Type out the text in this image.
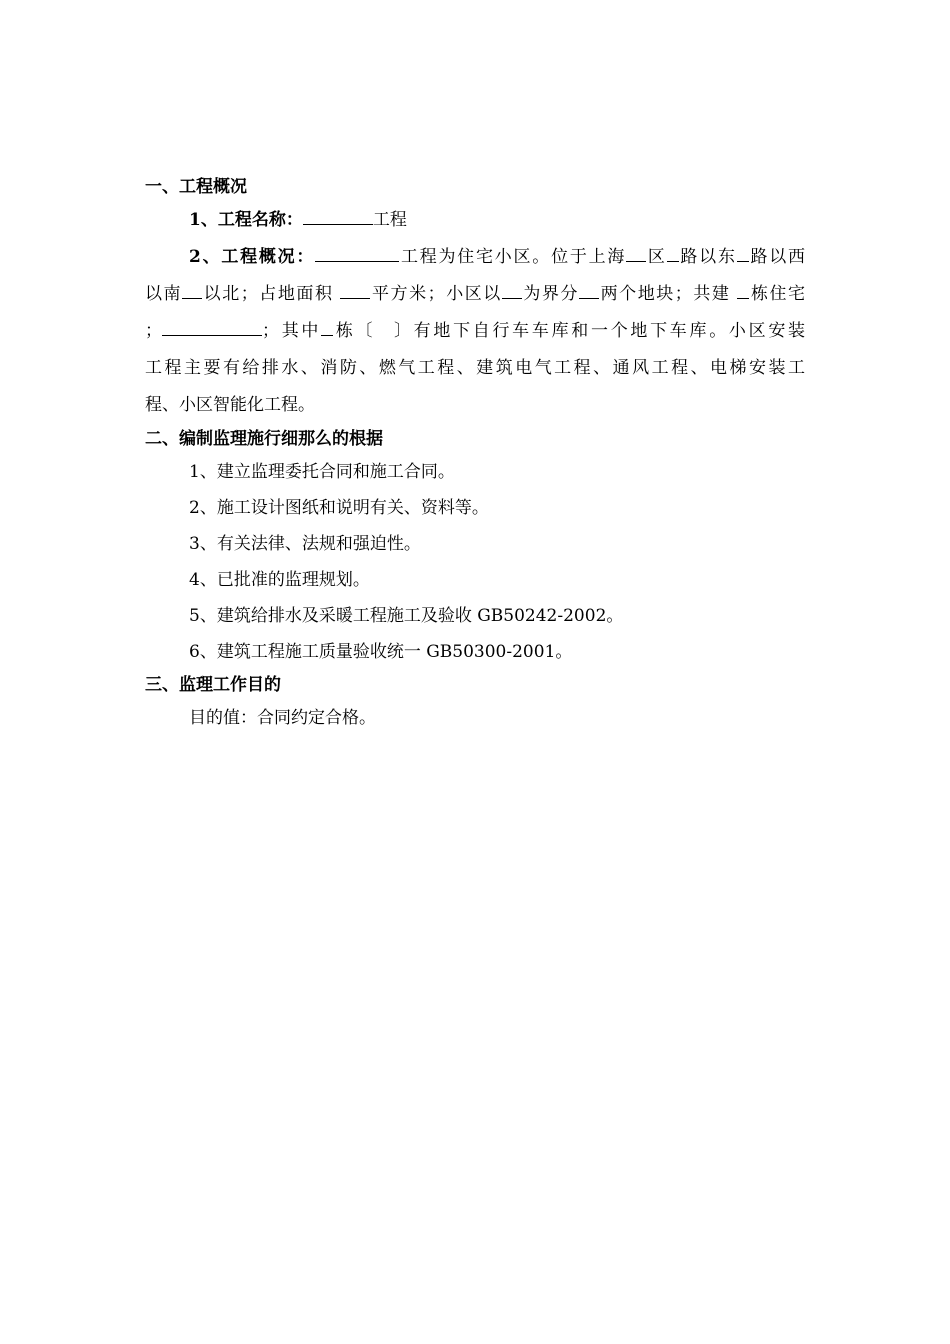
一、工程概况
1、工程名称：	工程
2、工程概况：	工程为住宅小区。位于上海 区 路以东 路以西
以南 以北；占地面积 平方米；小区以 为界分 两个地块；共建 栋住宅
；	；其中 栋〔 〕有地下自行车车库和一个地下车库。小区安装
工程主要有给排水、消防、燃气工程、建筑电气工程、通风工程、电梯安装工
程、小区智能化工程。
二、编制监理施行细那么的根据
1、建立监理委托合同和施工合同。
2、施工设计图纸和说明有关、资料等。
3、有关法律、法规和强迫性。
4、已批准的监理规划。
5、建筑给排水及采暖工程施工及验收 GB50242-2002。
6、建筑工程施工质量验收统一 GB50300-2001。
三、监理工作目的
目的值：合同约定合格。
